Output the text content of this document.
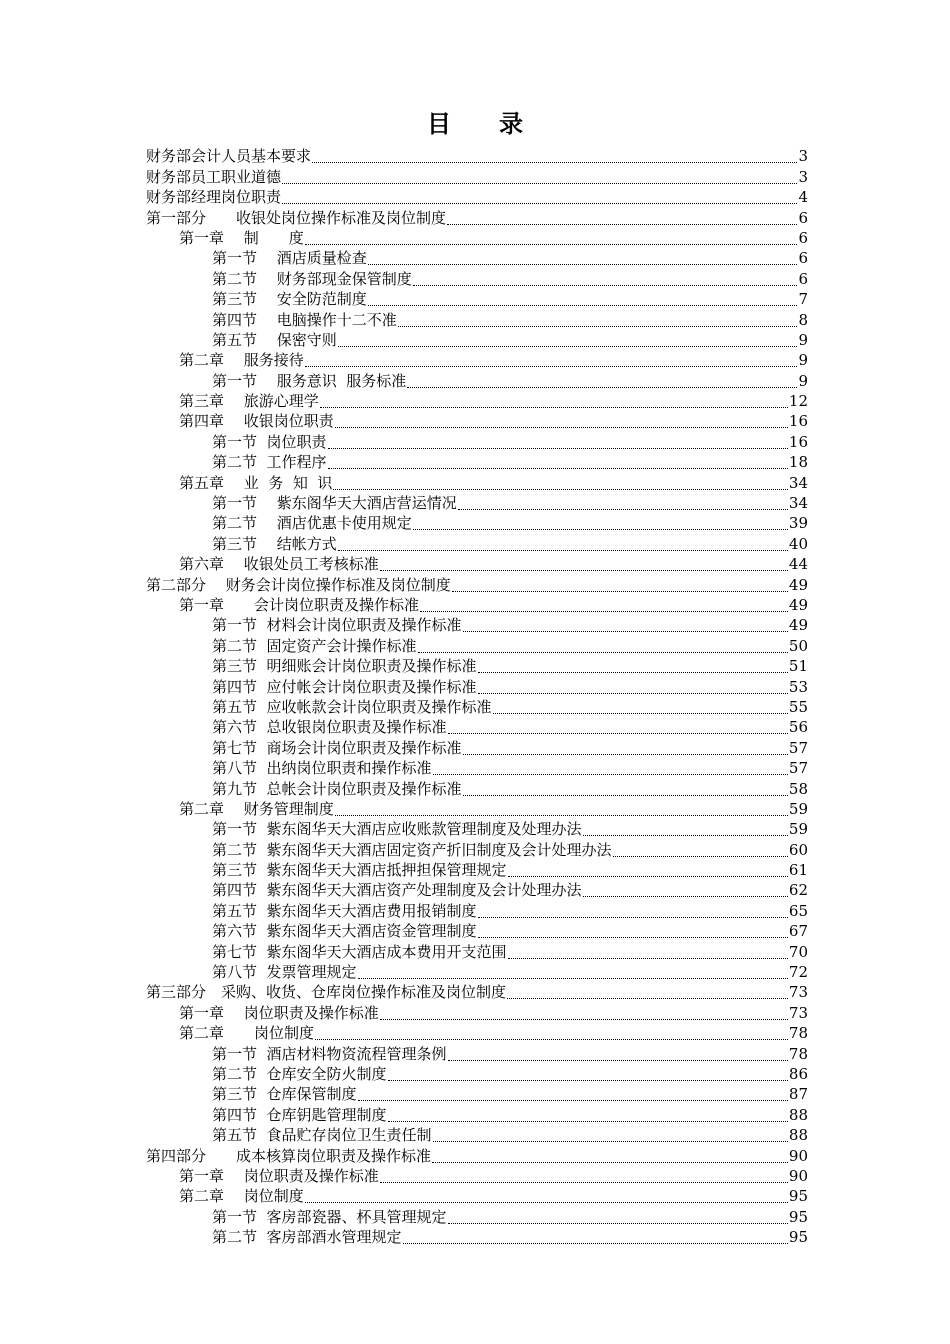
目　　录
财务部会计人员基本要求	3
财务部员工职业道德	3
财务部经理岗位职责	4
第一部分　　收银处岗位操作标准及岗位制度	6
第一章　 制　　度	6
第一节　 酒店质量检查	6
第二节　 财务部现金保管制度	6
第三节　 安全防范制度	7
第四节　 电脑操作十二不准	8
第五节　 保密守则	9
第二章　 服务接待	9
第一节　 服务意识  服务标准	9
第三章　 旅游心理学	12
第四章　 收银岗位职责	16
第一节  岗位职责	16
第二节  工作程序	18
第五章　 业  务  知  识	34
第一节　 紫东阁华天大酒店营运情况	34
第二节　 酒店优惠卡使用规定	39
第三节　 结帐方式	40
第六章　 收银处员工考核标准	44
第二部分　 财务会计岗位操作标准及岗位制度	49
第一章　　会计岗位职责及操作标准	49
第一节  材料会计岗位职责及操作标准	49
第二节  固定资产会计操作标准	50
第三节  明细账会计岗位职责及操作标准	51
第四节  应付帐会计岗位职责及操作标准	53
第五节  应收帐款会计岗位职责及操作标准	55
第六节  总收银岗位职责及操作标准	56
第七节  商场会计岗位职责及操作标准	57
第八节  出纳岗位职责和操作标准	57
第九节  总帐会计岗位职责及操作标准	58
第二章　 财务管理制度	59
第一节  紫东阁华天大酒店应收账款管理制度及处理办法	59
第二节  紫东阁华天大酒店固定资产折旧制度及会计处理办法	60
第三节  紫东阁华天大酒店抵押担保管理规定	61
第四节  紫东阁华天大酒店资产处理制度及会计处理办法	62
第五节  紫东阁华天大酒店费用报销制度	65
第六节  紫东阁华天大酒店资金管理制度	67
第七节  紫东阁华天大酒店成本费用开支范围	70
第八节  发票管理规定	72
第三部分　采购、收货、仓库岗位操作标准及岗位制度	73
第一章　 岗位职责及操作标准	73
第二章　　岗位制度	78
第一节  酒店材料物资流程管理条例	78
第二节  仓库安全防火制度	86
第三节  仓库保管制度	87
第四节  仓库钥匙管理制度	88
第五节  食品贮存岗位卫生责任制	88
第四部分　　成本核算岗位职责及操作标准	90
第一章　 岗位职责及操作标准	90
第二章　 岗位制度	95
第一节  客房部瓷器、杯具管理规定	95
第二节  客房部酒水管理规定	95
